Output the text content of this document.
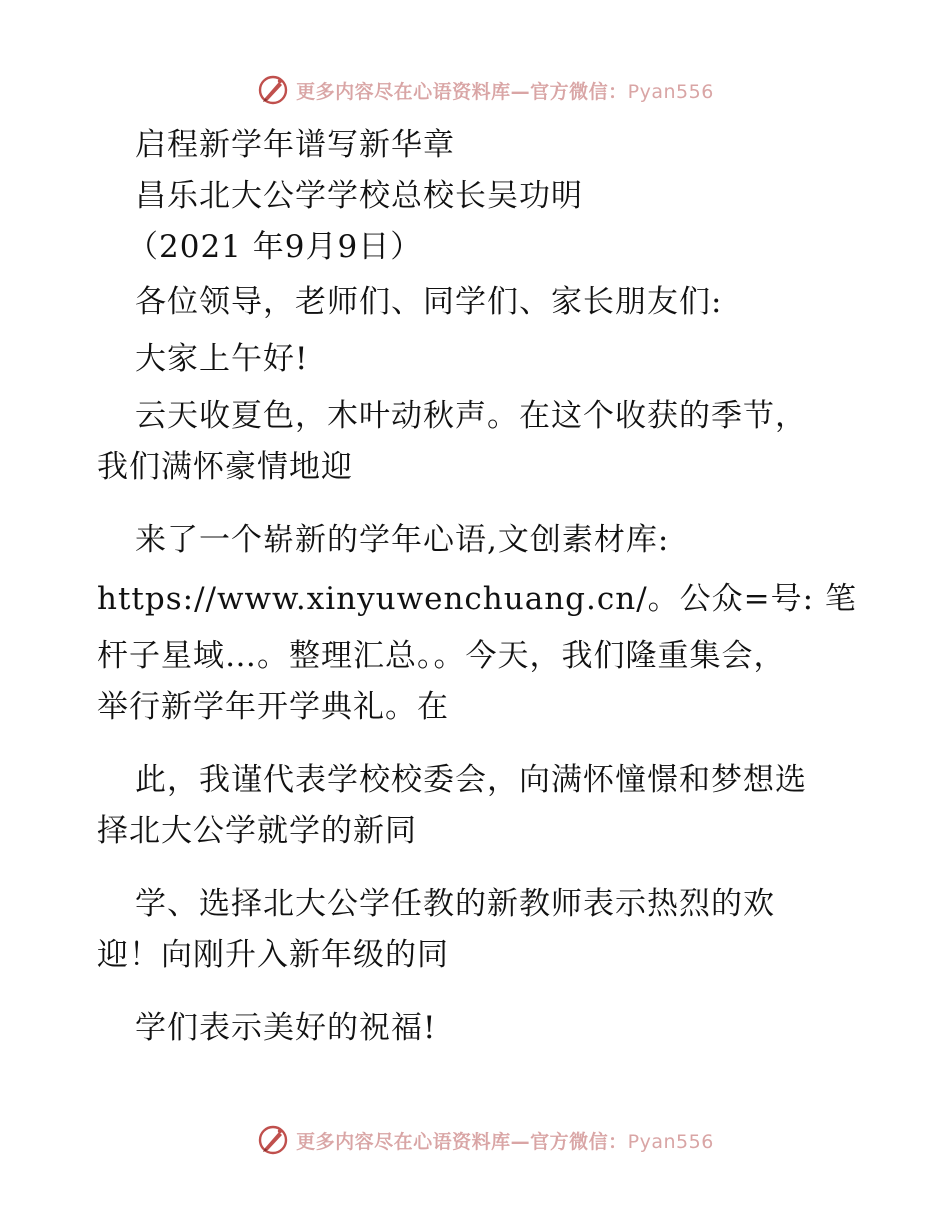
更多内容尽在心语资料库—官方微信：Pyan556
启程新学年谱写新华章
昌乐北大公学学校总校长吴功明
（2021 年9月9日）
各位领导，老师们、同学们、家长朋友们:
大家上午好!
云天收夏色，木叶动秋声。在这个收获的季节，
我们满怀豪情地迎
来了一个崭新的学年心语,文创素材库:
https://www.xinyuwenchuang.cn/。公众=号: 笔
杆子星域…。整理汇总。。今天，我们隆重集会，
举行新学年开学典礼。在
此，我谨代表学校校委会，向满怀憧憬和梦想选
择北大公学就学的新同
学、选择北大公学任教的新教师表示热烈的欢
迎！向刚升入新年级的同
学们表示美好的祝福!
更多内容尽在心语资料库—官方微信：Pyan556
